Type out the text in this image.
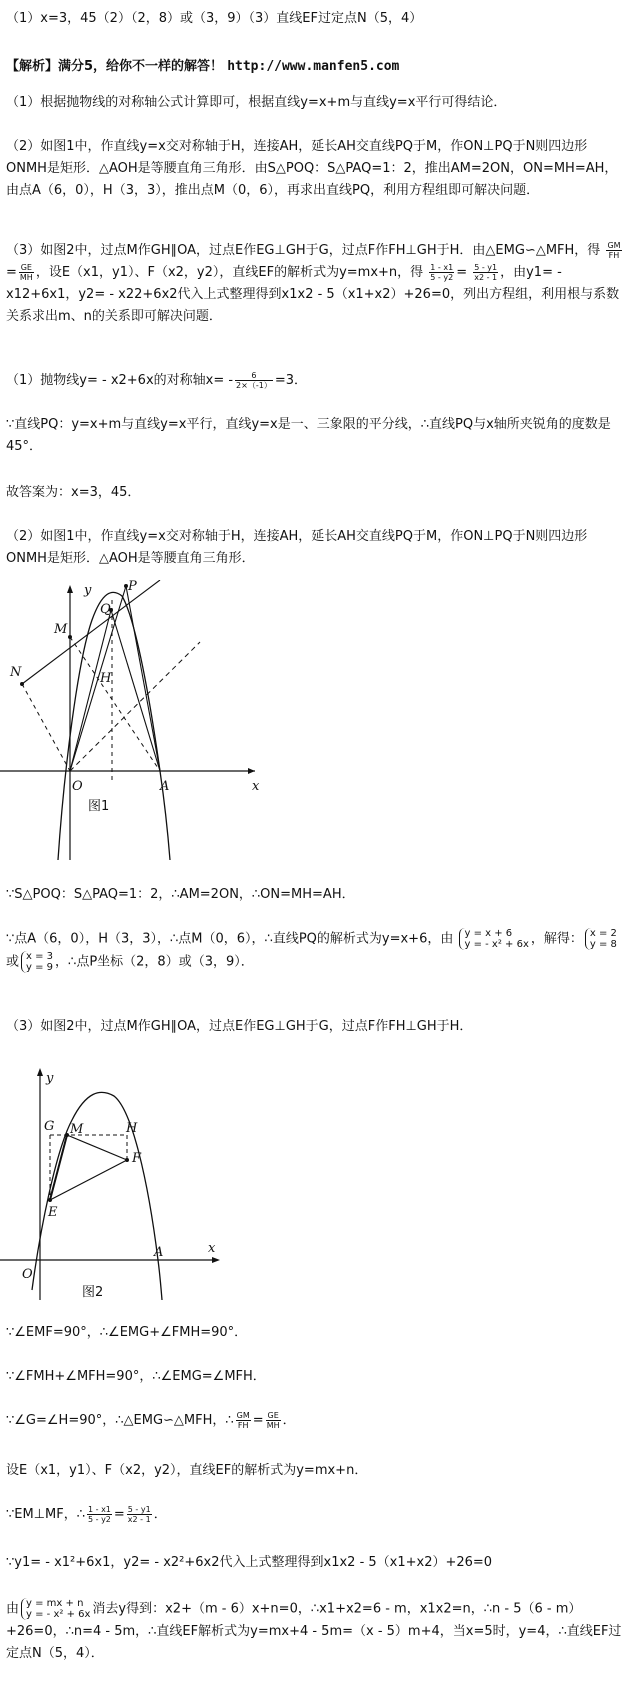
（1）x=3，45（2）（2，8）或（3，9）（3）直线EF过定点N（5，4）
【解析】满分5，给你不一样的解答！ http://www.manfen5.com

（1）根据抛物线的对称轴公式计算即可，根据直线y=x+m与直线y=x平行可得结论．

（2）如图1中，作直线y=x交对称轴于H，连接AH，延长AH交直线PQ于M，作ON⊥PQ于N则四边形ONMH是矩形．△AOH是等腰直角三角形．由S△POQ：S△PAQ=1：2，推出AM=2ON，ON=MH=AH，由点A（6，0），H（3，3），推出点M（0，6），再求出直线PQ，利用方程组即可解决问题．

（3）如图2中，过点M作GH∥OA，过点E作EG⊥GH于G，过点F作FH⊥GH于H．由△EMG∽△MFH，得 $\frac{GM}{FH}$
= $\frac{GE}{MH}$ ，设E（x1，y1）、F（x2，y2），直线EF的解析式为y=mx+n，得 $\frac{1 - x1}{5 - y2} = \frac{5 - y1}{x2 - 1}$ ，由y1= - x12+6x1，y2= - x22+6x2代入上式整理得到x1x2 - 5（x1+x2）+26=0，列出方程组，利用根与系数关系求出m、n的关系即可解决问题．

（1）抛物线y= - x2+6x的对称轴$x= - \frac{6}{2\times(-1)} =3$．

∵直线PQ：y=x+m与直线y=x平行，直线y=x是一、三象限的平分线，∴直线PQ与x轴所夹锐角的度数是45°．

故答案为：x=3，45．

（2）如图1中，作直线y=x交对称轴于H，连接AH，延长AH交直线PQ于M，作ON⊥PQ于N则四边形ONMH是矩形．△AOH是等腰直角三角形．

y
x
O	A
M
N	H
Q
P
图1

∵S△POQ：S△PAQ=1：2，∴AM=2ON，∴ON=MH=AH．

∵点A（6，0），H（3，3），∴点M（0，6），∴直线PQ的解析式为y=x+6，由 y = x + 6
y = - x² + 6x ，解得： x = 2
y = 8 或 x = 3
y = 9 ，∴点P坐标（2，8）或（3，9）．

（3）如图2中，过点M作GH∥OA，过点E作EG⊥GH于G，过点F作FH⊥GH于H．

y
x
O
A
G M	H
F
E
图2

∵∠EMF=90°，∴∠EMG+∠FMH=90°．

∵∠FMH+∠MFH=90°，∴∠EMG=∠MFH．

∵∠G=∠H=90°，∴△EMG∽△MFH，∴ $\frac{GM}{FH} = \frac{GE}{MH}$ ．

设E（x1，y1）、F（x2，y2），直线EF的解析式为y=mx+n．

∵EM⊥MF，∴ $\frac{1 - x1}{5 - y2} = \frac{5 - y1}{x2 - 1}$ ．

∵y1= - x1²+6x1，y2= - x2²+6x2代入上式整理得到x1x2 - 5（x1+x2）+26=0

由 y = mx + n
y = - x² + 6x 消去y得到：x2+（m - 6）x+n=0，∴x1+x2=6 - m，x1x2=n，∴n - 5（6 - m）+26=0，∴n=4 - 5m，∴直线EF解析式为y=mx+4 - 5m=（x - 5）m+4，当x=5时，y=4，∴直线EF过定点N（5，4）．
